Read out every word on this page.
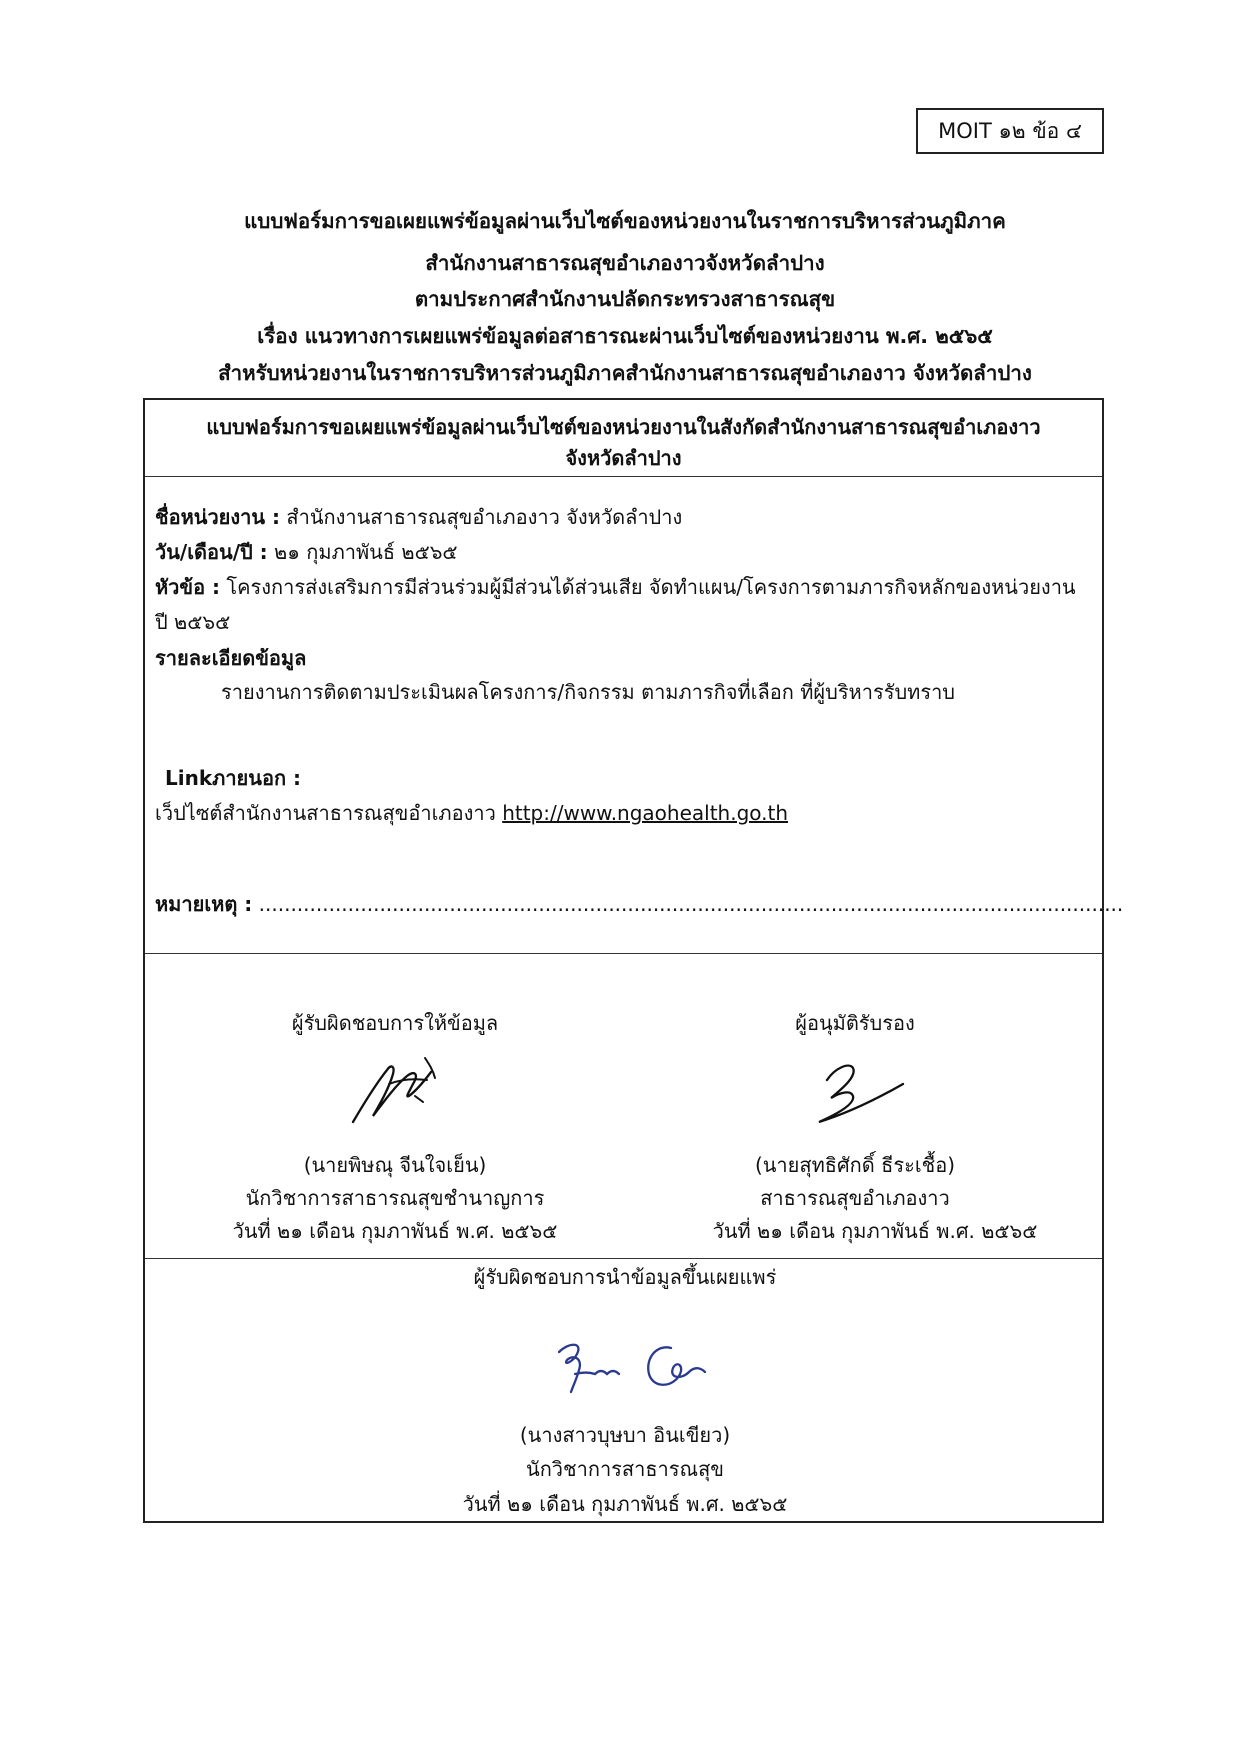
MOIT ๑๒ ข้อ ๔
แบบฟอร์มการขอเผยแพร่ข้อมูลผ่านเว็บไซต์ของหน่วยงานในราชการบริหารส่วนภูมิภาค
สำนักงานสาธารณสุขอำเภองาวจังหวัดลำปาง
ตามประกาศสำนักงานปลัดกระทรวงสาธารณสุข
เรื่อง แนวทางการเผยแพร่ข้อมูลต่อสาธารณะผ่านเว็บไซต์ของหน่วยงาน พ.ศ. ๒๕๖๕
สำหรับหน่วยงานในราชการบริหารส่วนภูมิภาคสำนักงานสาธารณสุขอำเภองาว จังหวัดลำปาง
แบบฟอร์มการขอเผยแพร่ข้อมูลผ่านเว็บไซต์ของหน่วยงานในสังกัดสำนักงานสาธารณสุขอำเภองาว
จังหวัดลำปาง
ชื่อหน่วยงาน : สำนักงานสาธารณสุขอำเภองาว จังหวัดลำปาง
วัน/เดือน/ปี : ๒๑ กุมภาพันธ์ ๒๕๖๕
หัวข้อ : โครงการส่งเสริมการมีส่วนร่วมผู้มีส่วนได้ส่วนเสีย จัดทำแผน/โครงการตามภารกิจหลักของหน่วยงาน
ปี ๒๕๖๕
รายละเอียดข้อมูล
รายงานการติดตามประเมินผลโครงการ/กิจกรรม ตามภารกิจที่เลือก ที่ผู้บริหารรับทราบ
Linkภายนอก :
เว็ปไซต์สำนักงานสาธารณสุขอำเภองาว http://www.ngaohealth.go.th
หมายเหตุ : ........................................................................................................................................
ผู้รับผิดชอบการให้ข้อมูล
(นายพิษณุ จีนใจเย็น)
นักวิชาการสาธารณสุขชำนาญการ
วันที่ ๒๑ เดือน กุมภาพันธ์ พ.ศ. ๒๕๖๕
ผู้อนุมัติรับรอง
(นายสุทธิศักดิ์ ธีระเชื้อ)
สาธารณสุขอำเภองาว
วันที่ ๒๑ เดือน กุมภาพันธ์ พ.ศ. ๒๕๖๕
ผู้รับผิดชอบการนำข้อมูลขึ้นเผยแพร่
(นางสาวบุษบา อินเขียว)
นักวิชาการสาธารณสุข
วันที่ ๒๑ เดือน กุมภาพันธ์ พ.ศ. ๒๕๖๕
